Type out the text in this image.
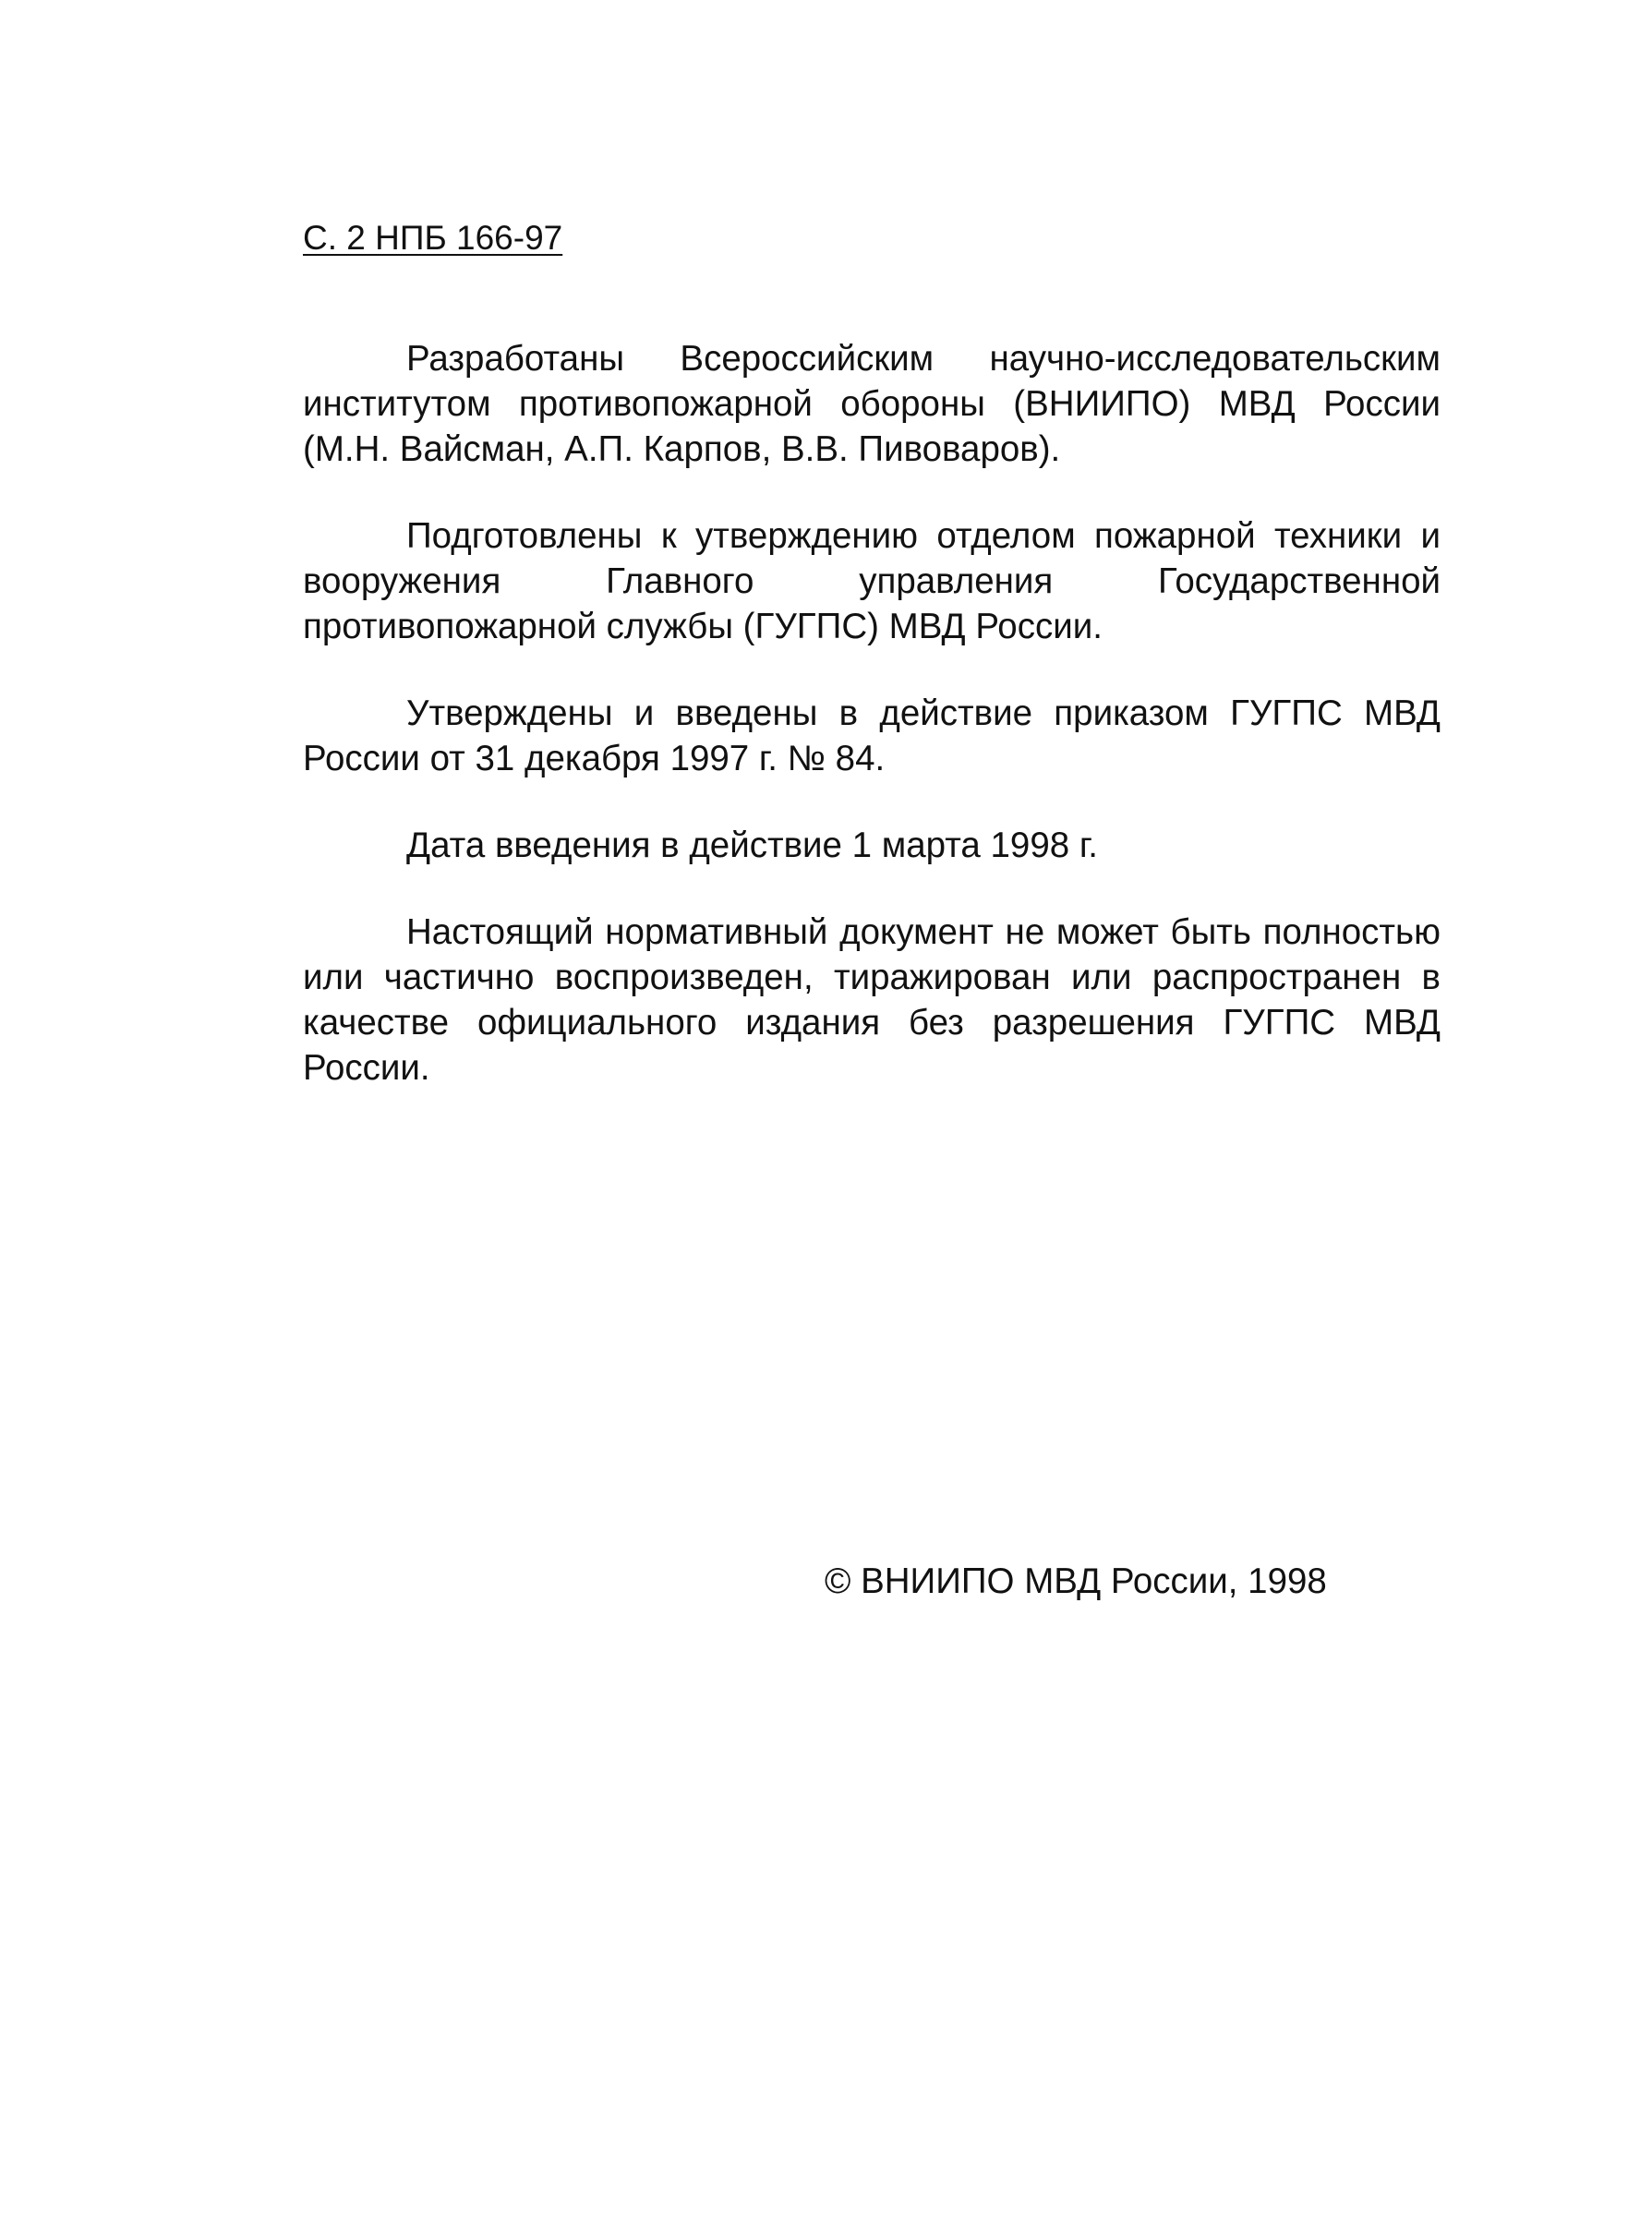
С. 2 НПБ 166-97

Разработаны Всероссийским научно-исследовательским институтом противопожарной обороны (ВНИИПО) МВД России (М.Н. Вайсман, А.П. Карпов, В.В. Пивоваров).

Подготовлены к утверждению отделом пожарной техники и вооружения Главного управления Государственной противопожарной службы (ГУГПС) МВД России.

Утверждены и введены в действие приказом ГУГПС МВД России от 31 декабря 1997 г. № 84.

Дата введения в действие 1 марта 1998 г.

Настоящий нормативный документ не может быть полностью или частично воспроизведен, тиражирован или распространен в качестве официального издания без разрешения ГУГПС МВД России.

© ВНИИПО МВД России, 1998
